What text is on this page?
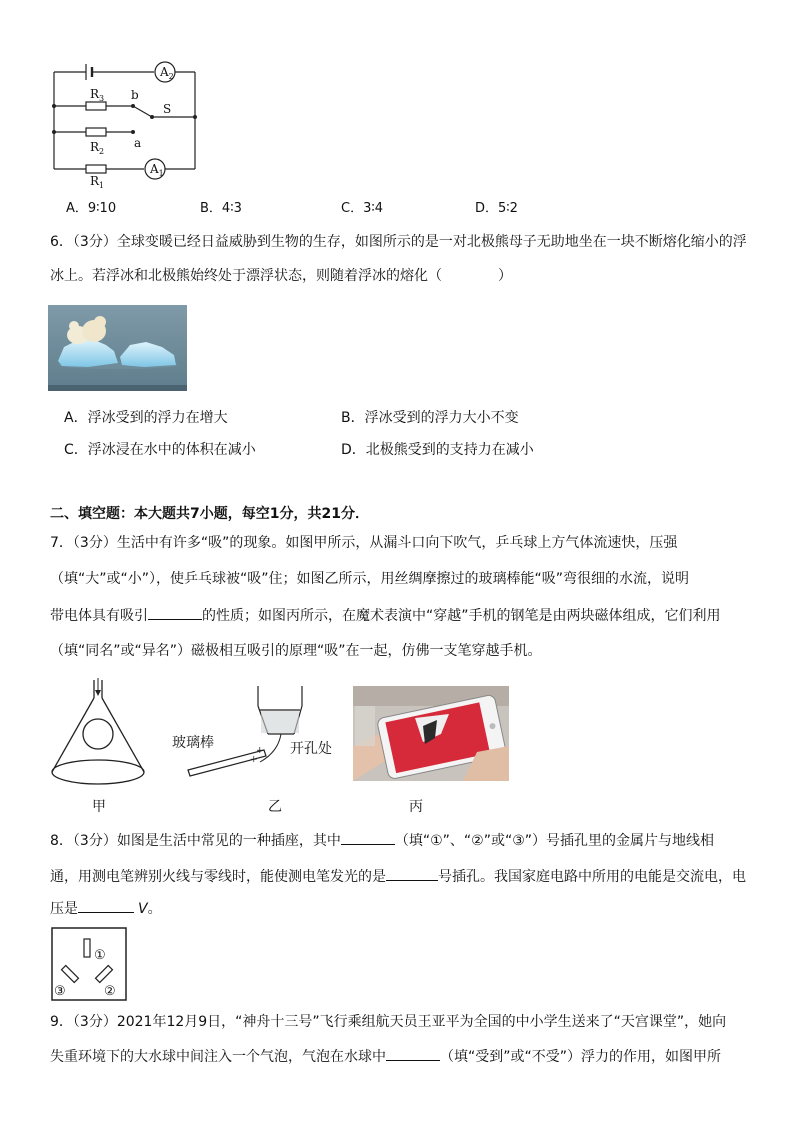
$A_2$
$R_3$ b
S
$R_2$
a
$A_1$
$R_1$
A．9∶10	B．4∶3	C．3∶4	D．5∶2
6．（3分）全球变暖已经日益威胁到生物的生存，如图所示的是一对北极熊母子无助地坐在一块不断熔化缩小的浮
冰上。若浮冰和北极熊始终处于漂浮状态，则随着浮冰的熔化（　　　　）
A．浮冰受到的浮力在增大	B．浮冰受到的浮力大小不变
C．浮冰浸在水中的体积在减小	D．北极熊受到的支持力在减小
二、填空题：本大题共7小题，每空1分，共21分．
7．（3分）生活中有许多“吸”的现象。如图甲所示，从漏斗口向下吹气，乒乓球上方气体流速快，压强
（填“大”或“小”），使乒乓球被“吸”住；如图乙所示，用丝绸摩擦过的玻璃棒能“吸”弯很细的水流，说明
带电体具有吸引	的性质；如图丙所示，在魔术表演中“穿越”手机的钢笔是由两块磁体组成，它们利用
（填“同名”或“异名”）磁极相互吸引的原理“吸”在一起，仿佛一支笔穿越手机。
甲
+
+
玻璃棒	开孔处
乙	丙
8．（3分）如图是生活中常见的一种插座，其中	（填“①”、“②”或“③”）号插孔里的金属片与地线相
通，用测电笔辨别火线与零线时，能使测电笔发光的是	号插孔。我国家庭电路中所用的电能是交流电，电
压是	V。
①
②
③
9．（3分）2021年12月9日，“神舟十三号”飞行乘组航天员王亚平为全国的中小学生送来了“天宫课堂”，她向
失重环境下的大水球中间注入一个气泡，气泡在水球中	（填“受到”或“不受”）浮力的作用，如图甲所
